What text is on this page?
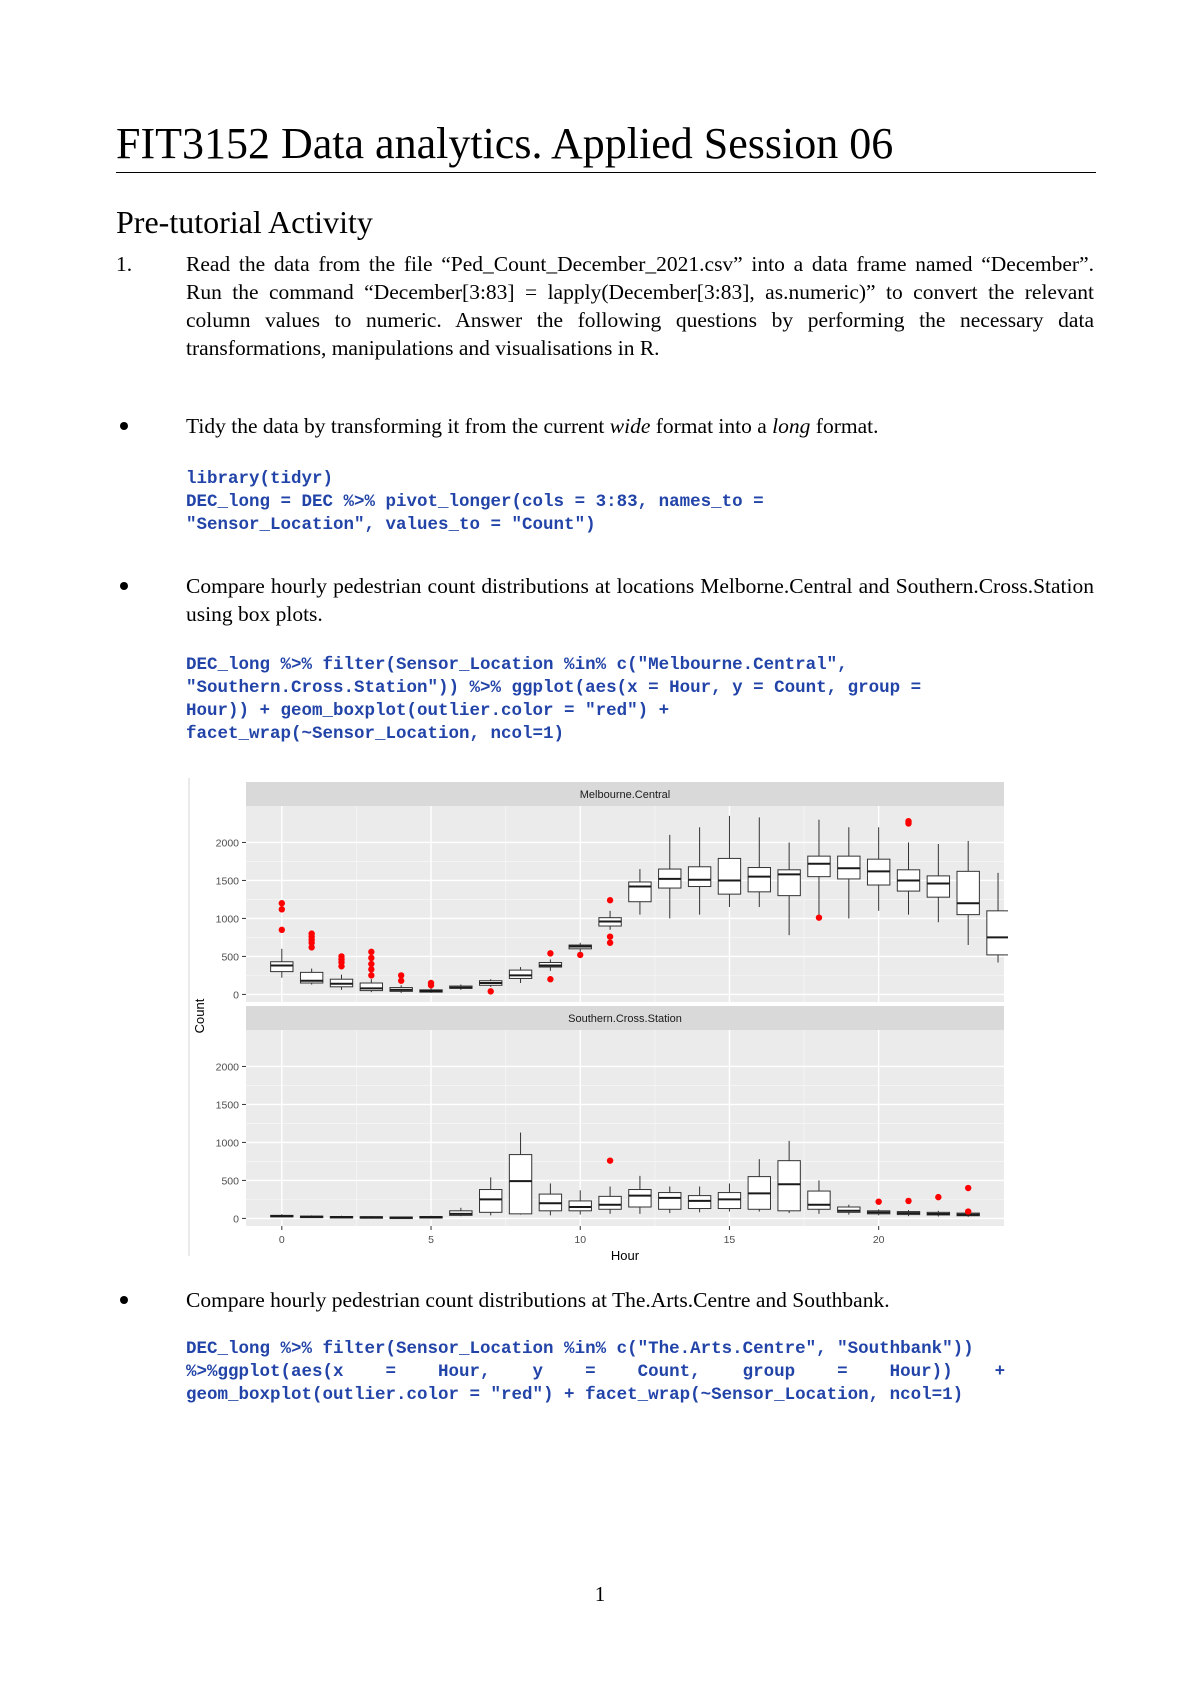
FIT3152 Data analytics. Applied Session 06
Pre-tutorial Activity
1.	Read the data from the file “Ped_Count_December_2021.csv” into a data frame named “December”. Run the command “December[3:83] = lapply(December[3:83], as.numeric)” to convert the relevant column values to numeric. Answer the following questions by performing the necessary data transformations, manipulations and visualisations in R.

Tidy the data by transforming it from the current wide format into a long format.

library(tidyr)
DEC_long = DEC %>% pivot_longer(cols = 3:83, names_to =
"Sensor_Location", values_to = "Count")

Compare hourly pedestrian count distributions at locations Melborne.Central and Southern.Cross.Station using box plots.

DEC_long %>% filter(Sensor_Location %in% c("Melbourne.Central",
"Southern.Cross.Station")) %>% ggplot(aes(x = Hour, y = Count, group =
Hour)) + geom_boxplot(outlier.color = "red") +
facet_wrap(~Sensor_Location, ncol=1)
Melbourne.Central
0
500
1000
1500
2000
Southern.Cross.Station
0
500
1000
1500
2000
0	5	10	15	20
Hour
Count

Compare hourly pedestrian count distributions at The.Arts.Centre and Southbank.

DEC_long %>% filter(Sensor_Location %in% c("The.Arts.Centre", "Southbank"))
%>%ggplot(aes(x    =    Hour,    y    =    Count,    group    =    Hour))    +
geom_boxplot(outlier.color = "red") + facet_wrap(~Sensor_Location, ncol=1)
1
